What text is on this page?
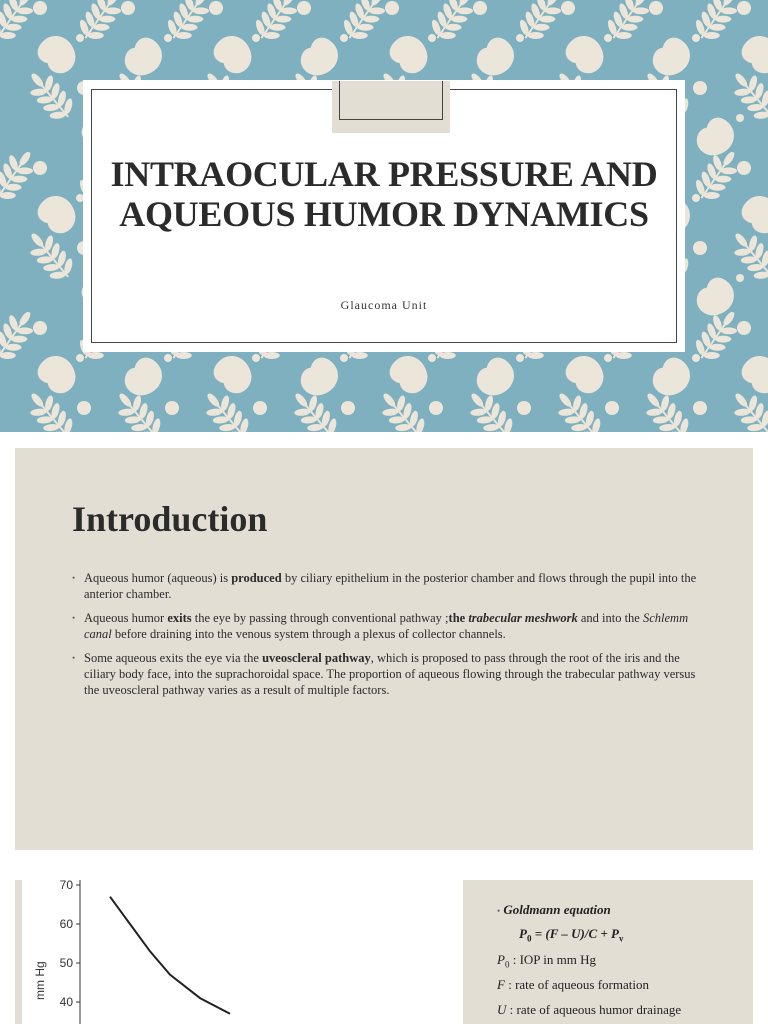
INTRAOCULAR PRESSURE AND AQUEOUS HUMOR DYNAMICS
Glaucoma Unit
Introduction
• Aqueous humor (aqueous) is produced by ciliary epithelium in the posterior chamber and flows through the pupil into the anterior chamber.
• Aqueous humor exits the eye by passing through conventional pathway ;the trabecular meshwork and into the Schlemm canal before draining into the venous system through a plexus of collector channels.
• Some aqueous exits the eye via the uveoscleral pathway, which is proposed to pass through the root of the iris and the ciliary body face, into the suprachoroidal space. The proportion of aqueous flowing through the trabecular pathway versus the uveoscleral pathway varies as a result of multiple factors.
40
50
60
70
mm Hg
• Goldmann equation
$P_0 = (F - U)/C + P_v$
$P_0$ : IOP in mm Hg
F : rate of aqueous formation
U : rate of aqueous humor drainage
